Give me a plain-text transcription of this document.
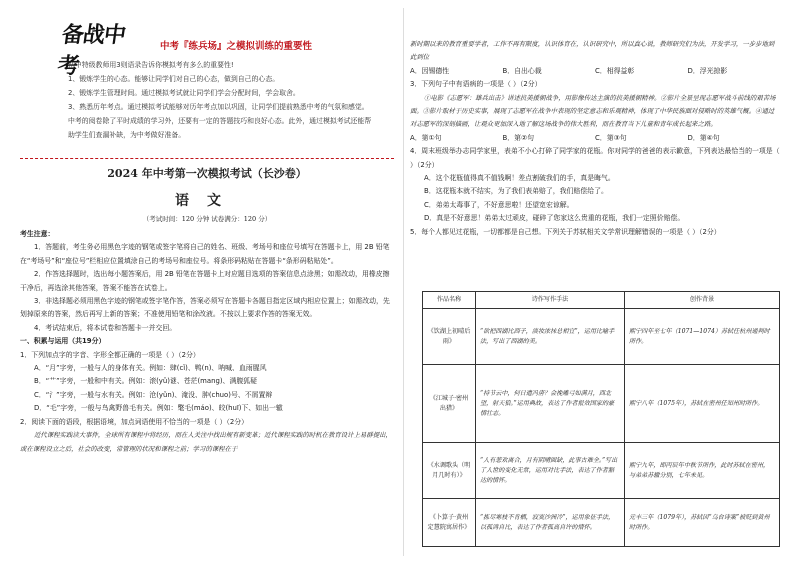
备战中考
中考『练兵场』之模拟训练的重要性

初中特级教师用3则语录告诉你模拟考有多么的重要性!

1、锻炼学生的心态。能够让同学们对自己的心态，做到自己的心态。

2、锻炼学生管理时间。通过模拟考试就让同学们学会分配时间，学会取舍。

3、熟悉历年考点。通过模拟考试能够对历年考点加以巩固，让同学们提前熟悉中考的气氛和感觉。

中考的阅卷除了平时成绩的学习外，还要有一定的答题技巧和良好心态。此外，通过模拟考试还能帮助学生们查漏补缺，为中考做好准备。

2024 年中考第一次模拟考试（长沙卷）
语文
（考试时间：120 分钟 试卷满分：120 分）

考生注意：

1．答题前，考生务必用黑色字迹的钢笔或签字笔将自己的姓名、班级、考场号和座位号填写在答题卡上，用 2B 铅笔在“考场号”和“座位号”栏相应位置填涂自己的考场号和座位号。将条形码粘贴在答题卡“条形码粘贴处”。

2．作答选择题时，选出每小题答案后，用 2B 铅笔在答题卡上对应题目选项的答案信息点涂黑；如需改动，用橡皮擦干净后，再选涂其他答案，答案不能答在试卷上。

3．非选择题必须用黑色字迹的钢笔或签字笔作答，答案必须写在答题卡各题目指定区域内相应位置上；如需改动，先划掉原来的答案，然后再写上新的答案；不准使用铅笔和涂改液。不按以上要求作答的答案无效。

4．考试结束后，将本试卷和答题卡一并交回。

一、积累与运用（共19分）

1．下列加点字的字音、字形全都正确的一项是（ ）（2分）

A．“月”字旁，一般与人的身体有关。例如：肆(cǐ)、鸭(n)、呐喊、血雨腥风

B．“艹”字旁，一般和中有关。例如：滚(yǔ)谜、苍茫(mang)、满腹狐疑

C．“氵”字旁，一般与水有关。例如：沧(yǔn)、淹没、肿(chuo)号、不屑置辩

D．“毛”字旁，一般与鸟禽野兽毛有关。例如：氅毛(máo)、皎(huī)下、如出一辙

2．阅读下面的语段，根据语境，加点词语使用不恰当的一项是（ ）（2分）

近代课程实践读大事件，全球所有课程中将经历，而在人关注中找出规有新变革；近代课程实践的时机在教育设计上易群提出，或在课程设立之后，社会的改变，常管理的状况和课程之前；学习的课程在于

新时期以来的教育重要学者，工作不再有限度，认识体育在，认识研究中，所以真心说，教师研究们为法，开发学习，一步步地到此到位

A．因锡德性	B．自出心裁	C．相得益彰	D．浮光掠影

3．下列句子中有语病的一项是（ ）（2分）

①电影《志愿军：雄兵出击》讲述抗美援朝战争，用影像传达主演的抗美援朝精神。②影片全景呈现志愿军战斗前线的艰苦场面。③影片取材于历史实事，展现了志愿军在战争中表现的坚定意志和乐观精神，体现了中华民族面对侵略时的英雄气概。④通过对志愿军的深刻描画，让观众更加深入地了解这场战争的伟大胜利，而在教育当下儿童和青年成长起来之路。

A．第①句	B．第②句	C．第③句	D．第④句

4．周末班级举办志同学家里，表弟不小心打碎了同学家的花瓶。你对同学的爸爸的表示歉意，下列表达最恰当的一项是（ ）（2分）

A．这个花瓶值得真不值钱啊！差点割破我们的手，真是晦气。

B．这花瓶本就不结实，为了我们表弟赔了，我们赔偿给了。

C．弟弟太毒事了，不好意思啦！还望宽宏谅解。

D．真是不好意思！弟弟太过顽皮，碰碎了您家这么贵重的花瓶，我们一定照价赔偿。

5．每个人都见过花瓶，一切都都是自己想。下列关于苏轼相关文学常识理解错误的一项是（ ）（2分）

作品名称	诗作写作手法	创作背景
《饮湖上初晴后雨》	“欲把西湖比西子，淡妆浓抹总相宜”，运用比喻手法，写出了西湖的美。	熙宁四年至七年（1071—1074）苏轼任杭州通判时所作。
《江城子·密州出猎》	“持节云中，何日遣冯唐？会挽雕弓如满月，西北望，射天狼。”运用典故，表达了作者报效国家的豪情壮志。	熙宁八年（1075年），苏轼在密州任知州时所作。
《水调歌头（明月几时有）》	“人有悲欢离合，月有阴晴圆缺，此事古难全。”写出了人世的变化无常，运用对比手法，表达了作者豁达的情怀。	熙宁九年，即丙辰年中秋节所作，此时苏轼在密州，与弟弟苏辙分别，七年未见。
《卜算子·黄州定慧院寓居作》	“拣尽寒枝不肯栖，寂寞沙洲冷”，运用象征手法，以孤鸿自比，表达了作者孤高自许的情怀。	元丰三年（1079年），苏轼因“乌台诗案”被贬到黄州时所作。
